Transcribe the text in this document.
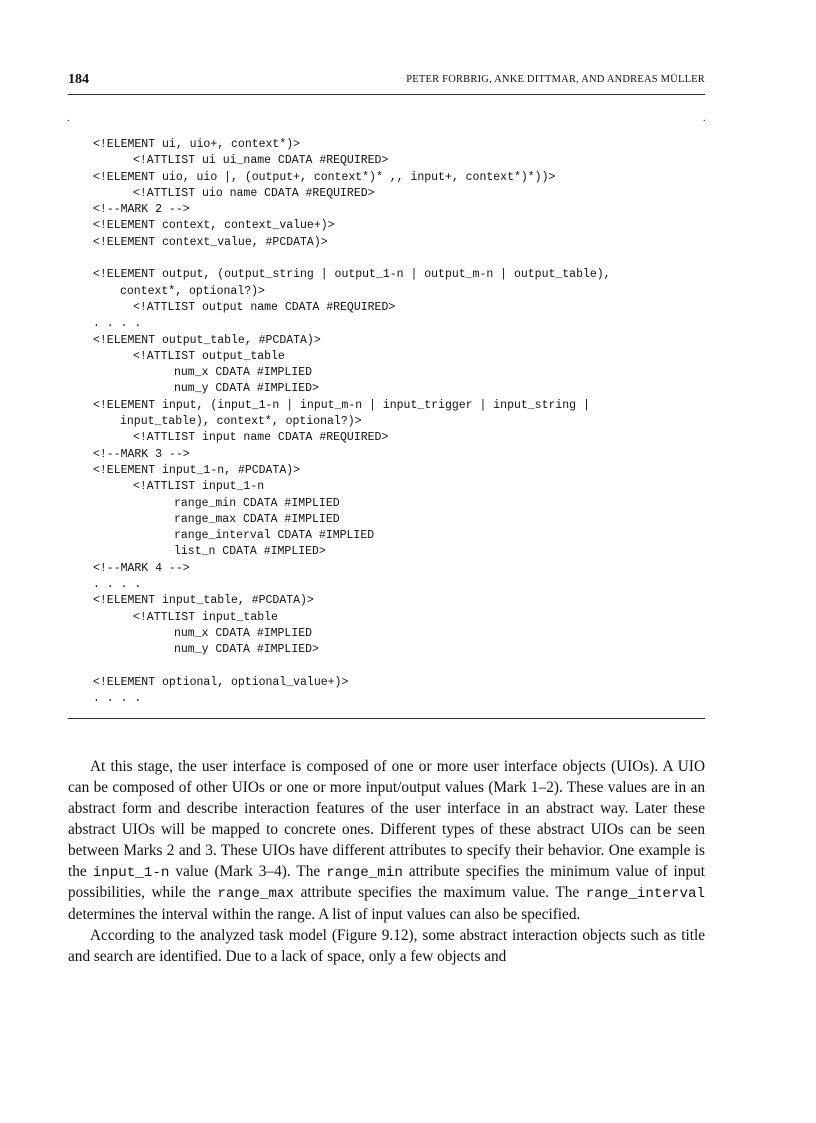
184	PETER FORBRIG, ANKE DITTMAR, AND ANDREAS MÜLLER
.	.
<!ELEMENT ui, uio+, context*)>
<!ATTLIST ui ui_name CDATA #REQUIRED>
<!ELEMENT uio, uio |, (output+, context*)* ,, input+, context*)*))>
<!ATTLIST uio name CDATA #REQUIRED>
<!--MARK 2 -->
<!ELEMENT context, context_value+)>
<!ELEMENT context_value, #PCDATA)>
<!ELEMENT output, (output_string | output_1-n | output_m-n | output_table),
context*, optional?)>
<!ATTLIST output name CDATA #REQUIRED>
. . . .
<!ELEMENT output_table, #PCDATA)>
<!ATTLIST output_table
num_x CDATA #IMPLIED
num_y CDATA #IMPLIED>
<!ELEMENT input, (input_1-n | input_m-n | input_trigger | input_string |
input_table), context*, optional?)>
<!ATTLIST input name CDATA #REQUIRED>
<!--MARK 3 -->
<!ELEMENT input_1-n, #PCDATA)>
<!ATTLIST input_1-n
range_min CDATA #IMPLIED
range_max CDATA #IMPLIED
range_interval CDATA #IMPLIED
list_n CDATA #IMPLIED>
<!--MARK 4 -->
. . . .
<!ELEMENT input_table, #PCDATA)>
<!ATTLIST input_table
num_x CDATA #IMPLIED
num_y CDATA #IMPLIED>
<!ELEMENT optional, optional_value+)>
. . . .

At this stage, the user interface is composed of one or more user interface objects (UIOs). A UIO can be composed of other UIOs or one or more input/output values (Mark 1–2). These values are in an abstract form and describe interaction features of the user interface in an abstract way. Later these abstract UIOs will be mapped to concrete ones. Different types of these abstract UIOs can be seen between Marks 2 and 3. These UIOs have different attributes to specify their behavior. One example is the input_1-n value (Mark 3–4). The range_min attribute specifies the minimum value of input possibilities, while the range_max attribute specifies the maximum value. The range_interval determines the interval within the range. A list of input values can also be specified.

According to the analyzed task model (Figure 9.12), some abstract interaction objects such as title and search are identified. Due to a lack of space, only a few objects and
